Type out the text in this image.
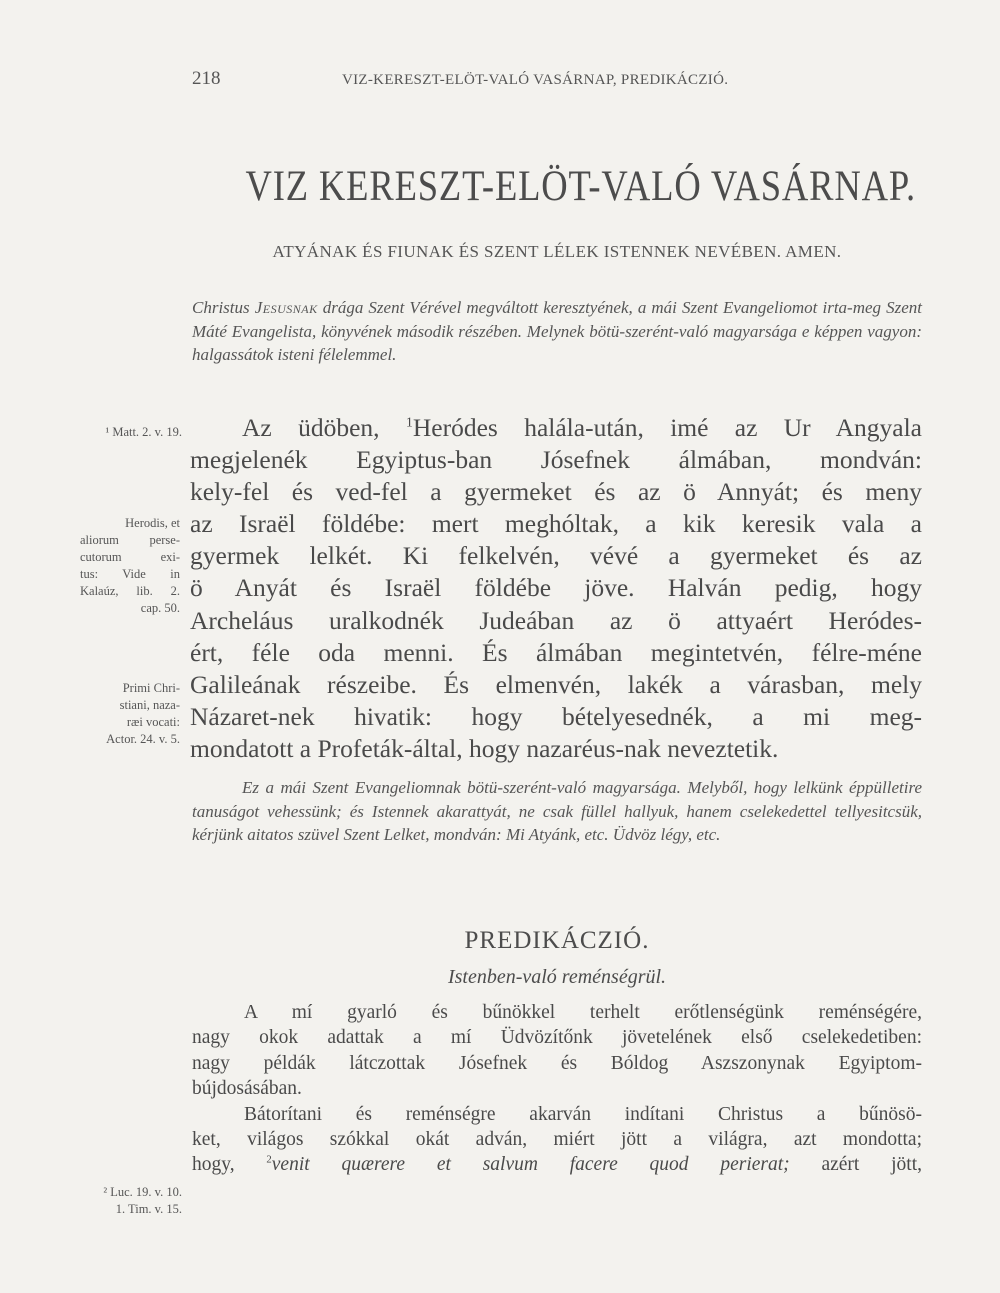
218	VIZ-KERESZT-ELÖT-VALÓ VASÁRNAP, PREDIKÁCZIÓ.
VIZ KERESZT-ELÖT-VALÓ VASÁRNAP.
ATYÁNAK ÉS FIUNAK ÉS SZENT LÉLEK ISTENNEK NEVÉBEN. AMEN.
Christus Jesusnak drága Szent Vérével megváltott keresztyének, a mái Szent Evangeliomot irta-meg Szent Máté Evangelista, könyvének második részében. Melynek bötü-szerént-való magyarsága e képpen vagyon: halgassátok isteni félelemmel.
Az üdöben, $^1$Heródes halála-után, imé az Ur Angyala
megjelenék Egyiptus-ban Jósefnek álmában, mondván:
kely-fel és ved-fel a gyermeket és az ö Annyát; és meny
az Israël földébe: mert meghóltak, a kik keresik vala a
gyermek lelkét. Ki felkelvén, vévé a gyermeket és az
ö Anyát és Israël földébe jöve. Halván pedig, hogy
Archeláus uralkodnék Judeában az ö attyaért Heródes-
ért, féle oda menni. És álmában megintetvén, félre-méne
Galileának részeibe. És elmenvén, lakék a várasban, mely
Názaret-nek hivatik: hogy bételyesednék, a mi meg-
mondatott a Profeták-által, hogy nazaréus-nak neveztetik.
Ez a mái Szent Evangeliomnak bötü-szerént-való magyarsága. Melyből, hogy lelkünk éppülletire tanuságot vehessünk; és Istennek akarattyát, ne csak füllel hallyuk, hanem cselekedettel tellyesitcsük, kérjünk aitatos szüvel Szent Lelket, mondván: Mi Atyánk, etc. Üdvöz légy, etc.
PREDIKÁCZIÓ.
Istenben-való reménségrül.
A mí gyarló és bűnökkel terhelt erőtlenségünk reménségére,
nagy okok adattak a mí Üdvözítőnk jövetelének első cselekedetiben:
nagy példák látczottak Jósefnek és Bóldog Aszszonynak Egyiptom-
bújdosásában.
Bátorítani és reménségre akarván indítani Christus a bűnösö-
ket, világos szókkal okát adván, miért jött a világra, azt mondotta;
hogy, $^2$venit quærere et salvum facere quod perierat; azért jött,
¹ Matt. 2. v. 19.
Herodis, et
aliorum perse-
cutorum exi-
tus: Vide in
Kalaúz, lib. 2.
cap. 50.
Primi Chri-
stiani, naza-
ræi vocati:
Actor. 24. v. 5.
² Luc. 19. v. 10.
1. Tim. v. 15.
